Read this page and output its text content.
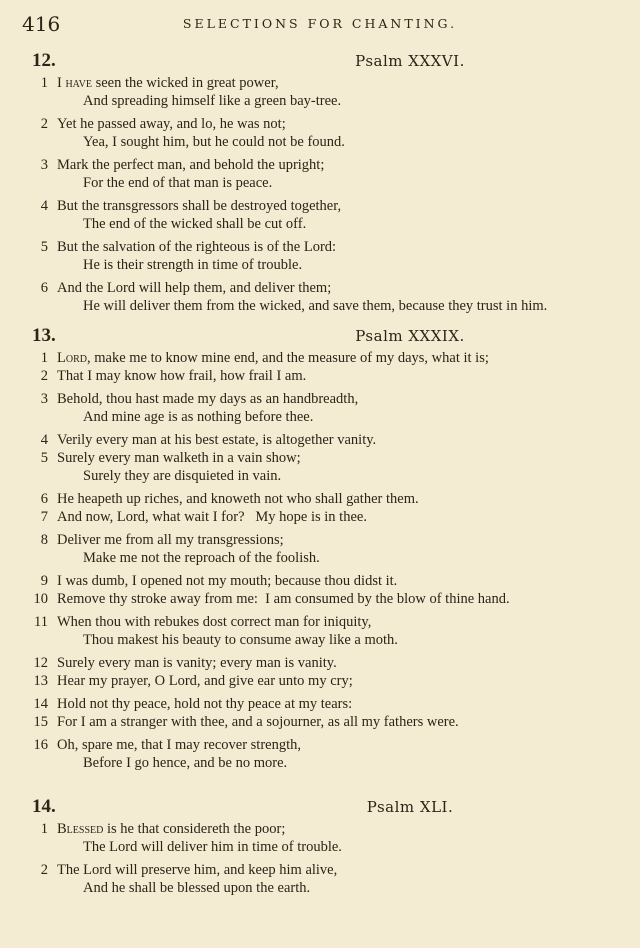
416	SELECTIONS FOR CHANTING.
12.	Psalm XXXVI.
1 I have seen the wicked in great power,
And spreading himself like a green bay-tree.
2 Yet he passed away, and lo, he was not;
Yea, I sought him, but he could not be found.
3 Mark the perfect man, and behold the upright;
For the end of that man is peace.
4 But the transgressors shall be destroyed together,
The end of the wicked shall be cut off.
5 But the salvation of the righteous is of the Lord:
He is their strength in time of trouble.
6 And the Lord will help them, and deliver them;
He will deliver them from the wicked, and save them, because they trust in him.
13.	Psalm XXXIX.
1 Lord, make me to know mine end, and the measure of my days, what it is;
2 That I may know how frail, how frail I am.
3 Behold, thou hast made my days as an handbreadth,
And mine age is as nothing before thee.
4 Verily every man at his best estate, is altogether vanity.
5 Surely every man walketh in a vain show;
Surely they are disquieted in vain.
6 He heapeth up riches, and knoweth not who shall gather them.
7 And now, Lord, what wait I for?   My hope is in thee.
8 Deliver me from all my transgressions;
Make me not the reproach of the foolish.
9 I was dumb, I opened not my mouth; because thou didst it.
10 Remove thy stroke away from me:  I am consumed by the blow of thine hand.
11 When thou with rebukes dost correct man for iniquity,
Thou makest his beauty to consume away like a moth.
12 Surely every man is vanity; every man is vanity.
13 Hear my prayer, O Lord, and give ear unto my cry;
14 Hold not thy peace, hold not thy peace at my tears:
15 For I am a stranger with thee, and a sojourner, as all my fathers were.
16 Oh, spare me, that I may recover strength,
Before I go hence, and be no more.
14.	Psalm XLI.
1 Blessed is he that considereth the poor;
The Lord will deliver him in time of trouble.
2 The Lord will preserve him, and keep him alive,
And he shall be blessed upon the earth.
